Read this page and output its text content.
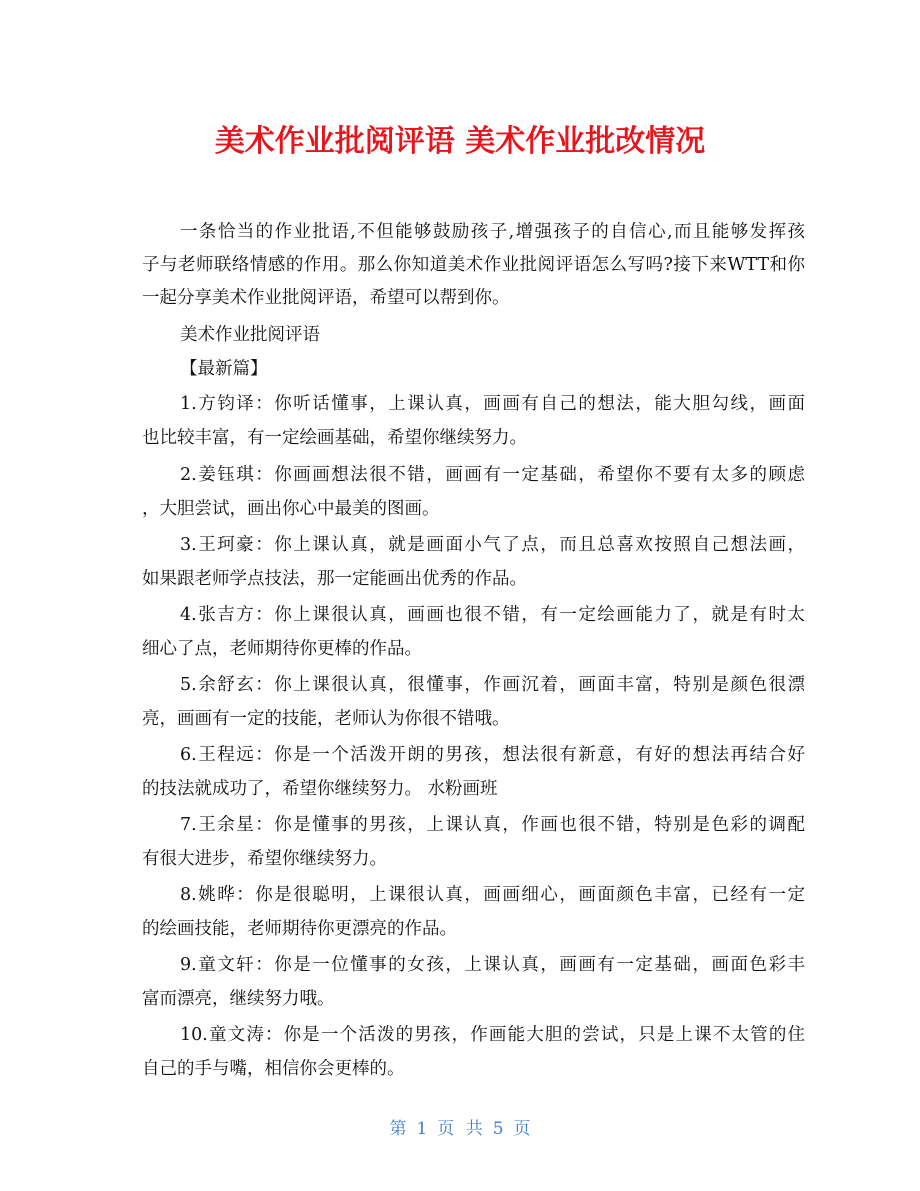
美术作业批阅评语 美术作业批改情况
一条恰当的作业批语,不但能够鼓励孩子,增强孩子的自信心,而且能够发挥孩
子与老师联络情感的作用。那么你知道美术作业批阅评语怎么写吗?接下来WTT和你
一起分享美术作业批阅评语，希望可以帮到你。
美术作业批阅评语
【最新篇】
1.方钧译：你听话懂事，上课认真，画画有自己的想法，能大胆勾线，画面
也比较丰富，有一定绘画基础，希望你继续努力。
2.姜钰琪：你画画想法很不错，画画有一定基础，希望你不要有太多的顾虑
，大胆尝试，画出你心中最美的图画。
3.王珂豪：你上课认真，就是画面小气了点，而且总喜欢按照自己想法画，
如果跟老师学点技法，那一定能画出优秀的作品。
4.张吉方：你上课很认真，画画也很不错，有一定绘画能力了，就是有时太
细心了点，老师期待你更棒的作品。
5.余舒玄：你上课很认真，很懂事，作画沉着，画面丰富，特别是颜色很漂
亮，画画有一定的技能，老师认为你很不错哦。
6.王程远：你是一个活泼开朗的男孩，想法很有新意，有好的想法再结合好
的技法就成功了，希望你继续努力。 水粉画班
7.王余星：你是懂事的男孩，上课认真，作画也很不错，特别是色彩的调配
有很大进步，希望你继续努力。
8.姚晔：你是很聪明，上课很认真，画画细心，画面颜色丰富，已经有一定
的绘画技能，老师期待你更漂亮的作品。
9.童文轩：你是一位懂事的女孩，上课认真，画画有一定基础，画面色彩丰
富而漂亮，继续努力哦。
10.童文涛：你是一个活泼的男孩，作画能大胆的尝试，只是上课不太管的住
自己的手与嘴，相信你会更棒的。
第 1 页 共 5 页
